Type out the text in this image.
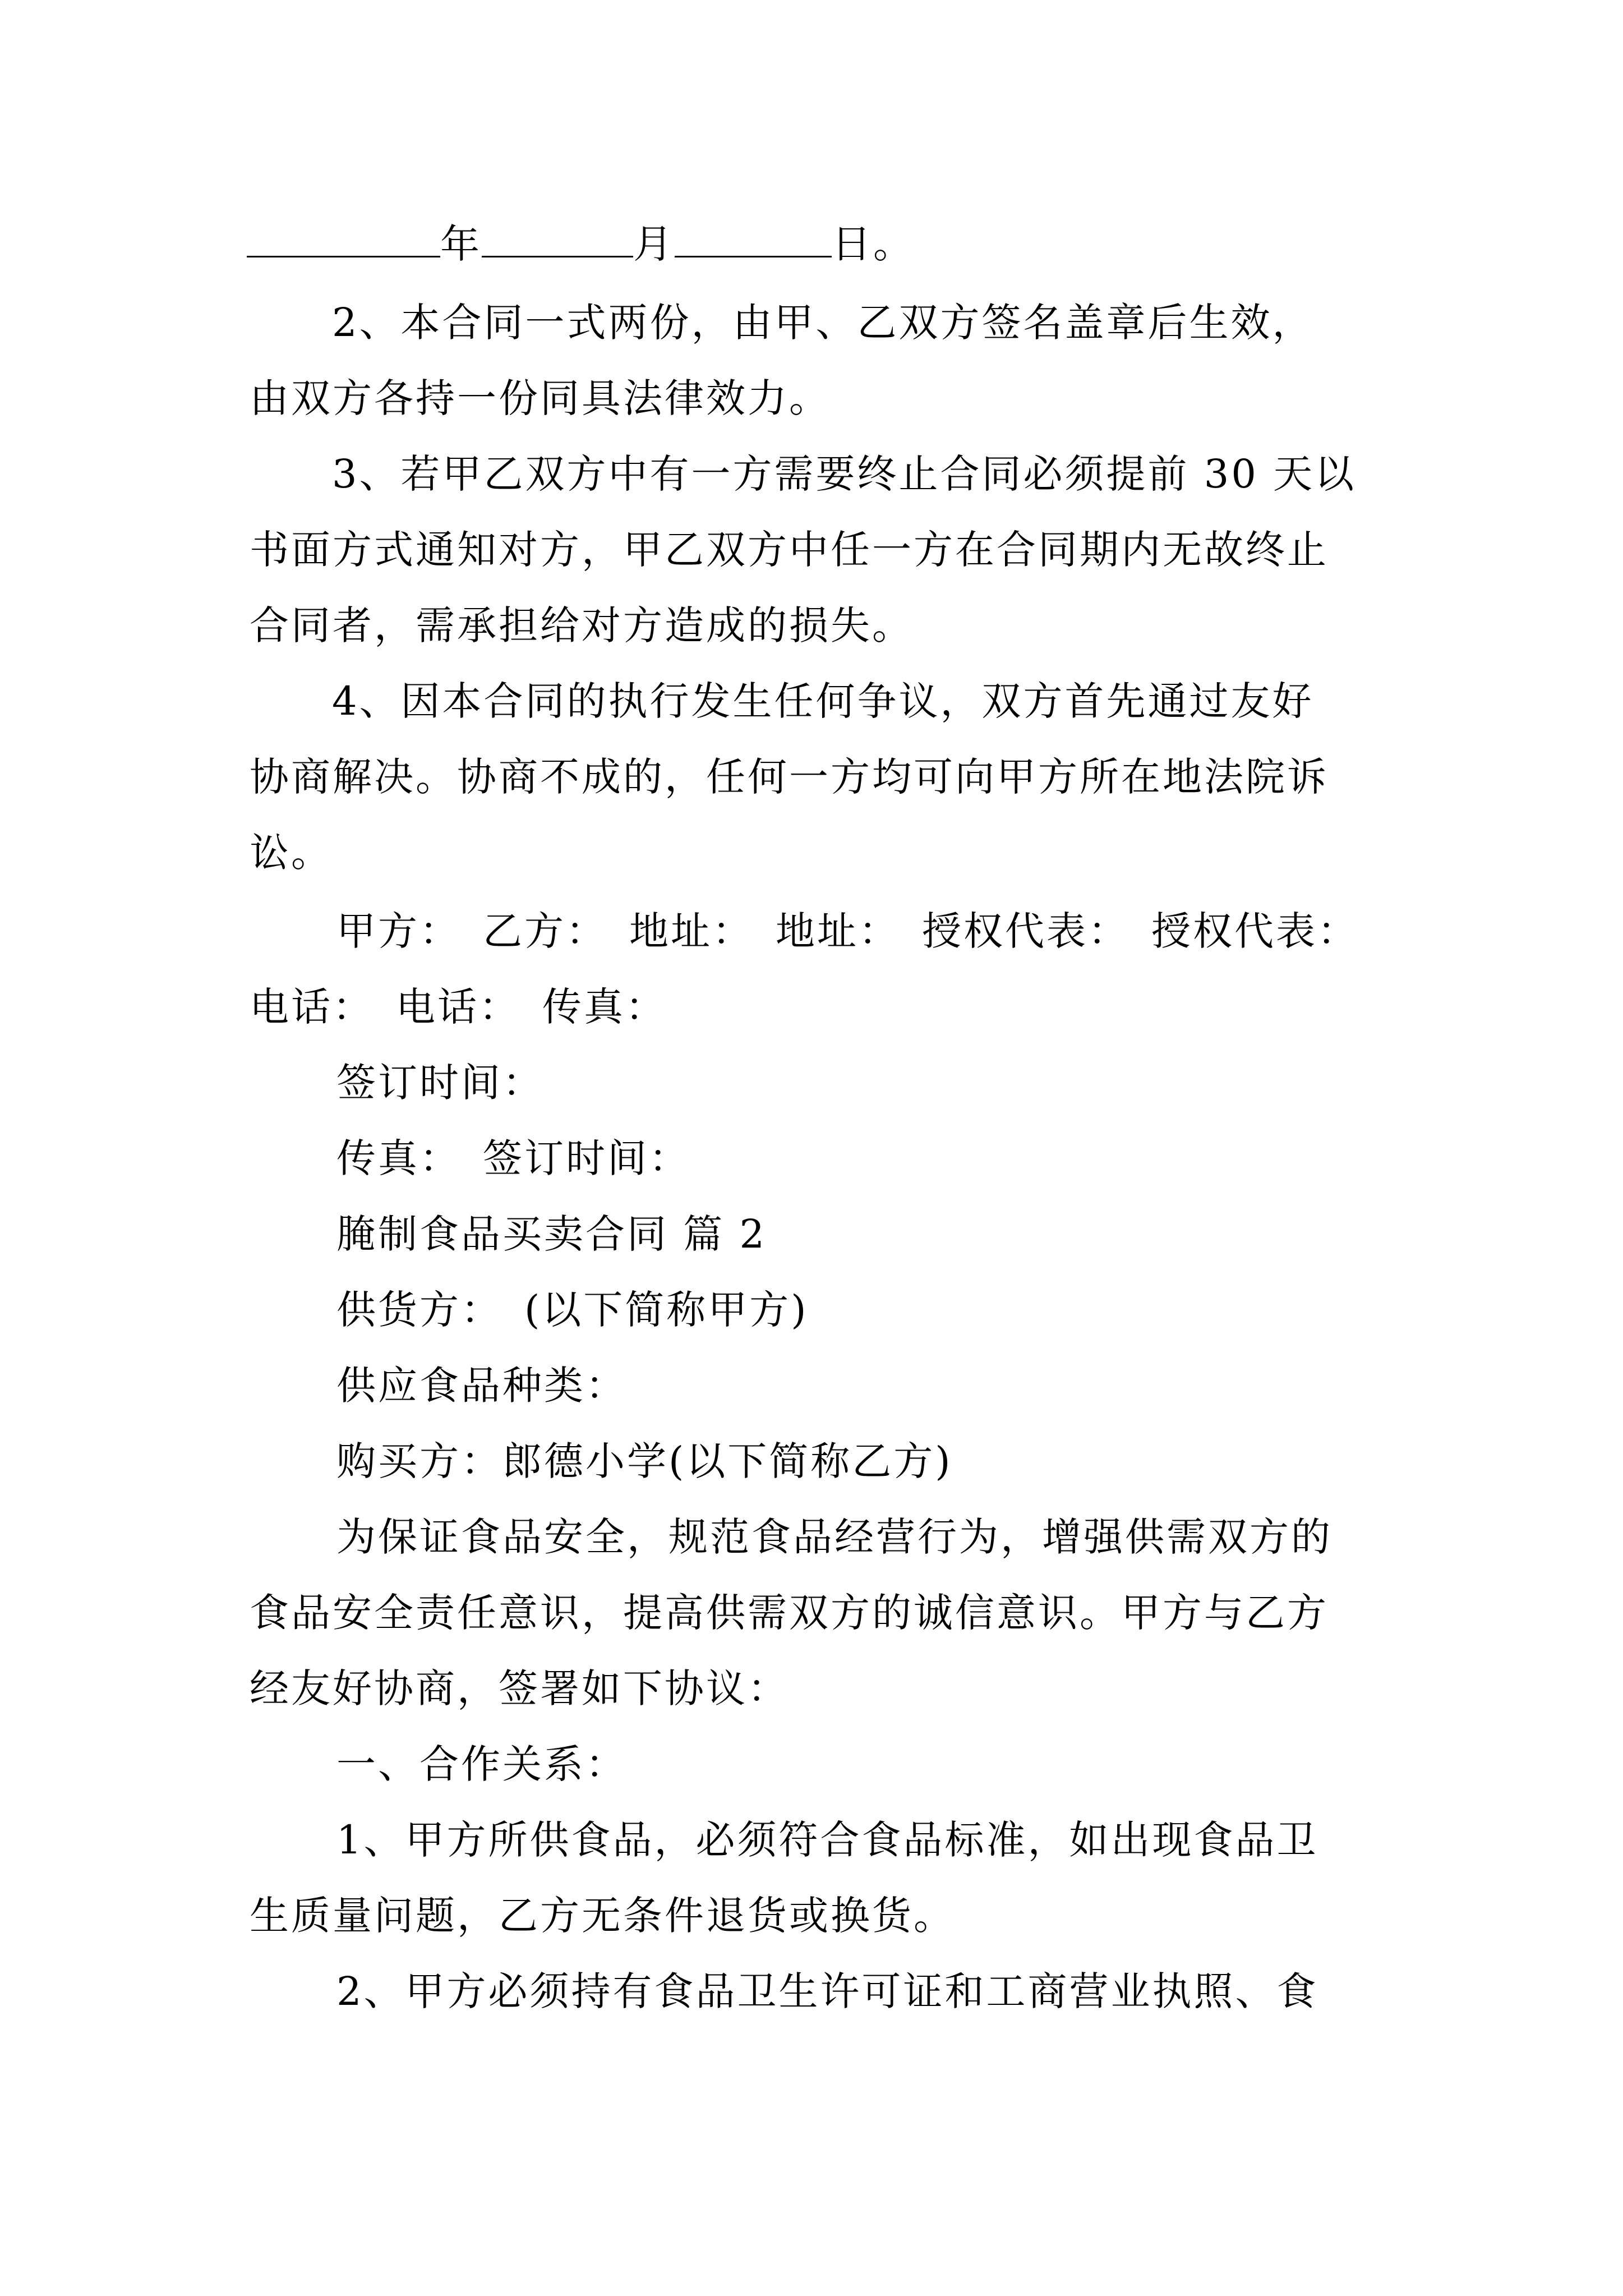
年	月	日。
2、本合同一式两份，由甲、乙双方签名盖章后生效，
由双方各持一份同具法律效力。
3、若甲乙双方中有一方需要终止合同必须提前 30 天以
书面方式通知对方，甲乙双方中任一方在合同期内无故终止
合同者，需承担给对方造成的损失。
4、因本合同的执行发生任何争议，双方首先通过友好
协商解决。协商不成的，任何一方均可向甲方所在地法院诉
讼。
甲方：　乙方：　地址：　地址：　授权代表：　授权代表：
电话：　电话：　传真：
签订时间：
传真：　签订时间：
腌制食品买卖合同 篇 2
供货方：　(以下简称甲方)
供应食品种类：
购买方：郎德小学(以下简称乙方)
为保证食品安全，规范食品经营行为，增强供需双方的
食品安全责任意识，提高供需双方的诚信意识。甲方与乙方
经友好协商，签署如下协议：
一、合作关系：
1、甲方所供食品，必须符合食品标准，如出现食品卫
生质量问题，乙方无条件退货或换货。
2、甲方必须持有食品卫生许可证和工商营业执照、食
